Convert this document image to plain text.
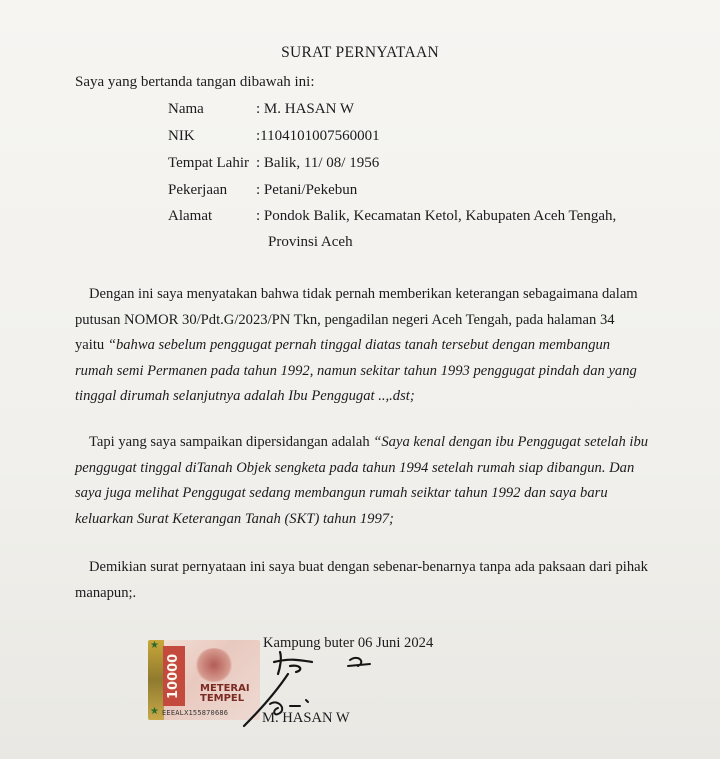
SURAT PERNYATAAN
Saya yang bertanda tangan dibawah ini:
Nama	: M. HASAN W
NIK	:1104101007560001
Tempat Lahir : Balik, 11/ 08/ 1956
Pekerjaan : Petani/Pekebun
Alamat	: Pondok Balik, Kecamatan Ketol, Kabupaten Aceh Tengah,
Provinsi Aceh
Dengan ini saya menyatakan bahwa tidak pernah memberikan keterangan sebagaimana dalam
putusan NOMOR 30/Pdt.G/2023/PN Tkn, pengadilan negeri Aceh Tengah, pada halaman 34
yaitu “bahwa sebelum penggugat pernah tinggal diatas tanah tersebut dengan membangun
rumah semi Permanen pada tahun 1992, namun sekitar tahun 1993 penggugat pindah dan yang
tinggal dirumah selanjutnya adalah Ibu Penggugat ..,.dst;
Tapi yang saya sampaikan dipersidangan adalah “Saya kenal dengan ibu Penggugat setelah ibu
penggugat tinggal diTanah Objek sengketa pada tahun 1994 setelah rumah siap dibangun. Dan
saya juga melihat Penggugat sedang membangun rumah seiktar tahun 1992 dan saya baru
keluarkan Surat Keterangan Tanah (SKT) tahun 1997;
Demikian surat pernyataan ini saya buat dengan sebenar-benarnya tanpa ada paksaan dari pihak
manapun;.
Kampung buter 06 Juni 2024
10000	METERAI
TEMPEL
EEEALX155870686
★
★	M. HASAN W
